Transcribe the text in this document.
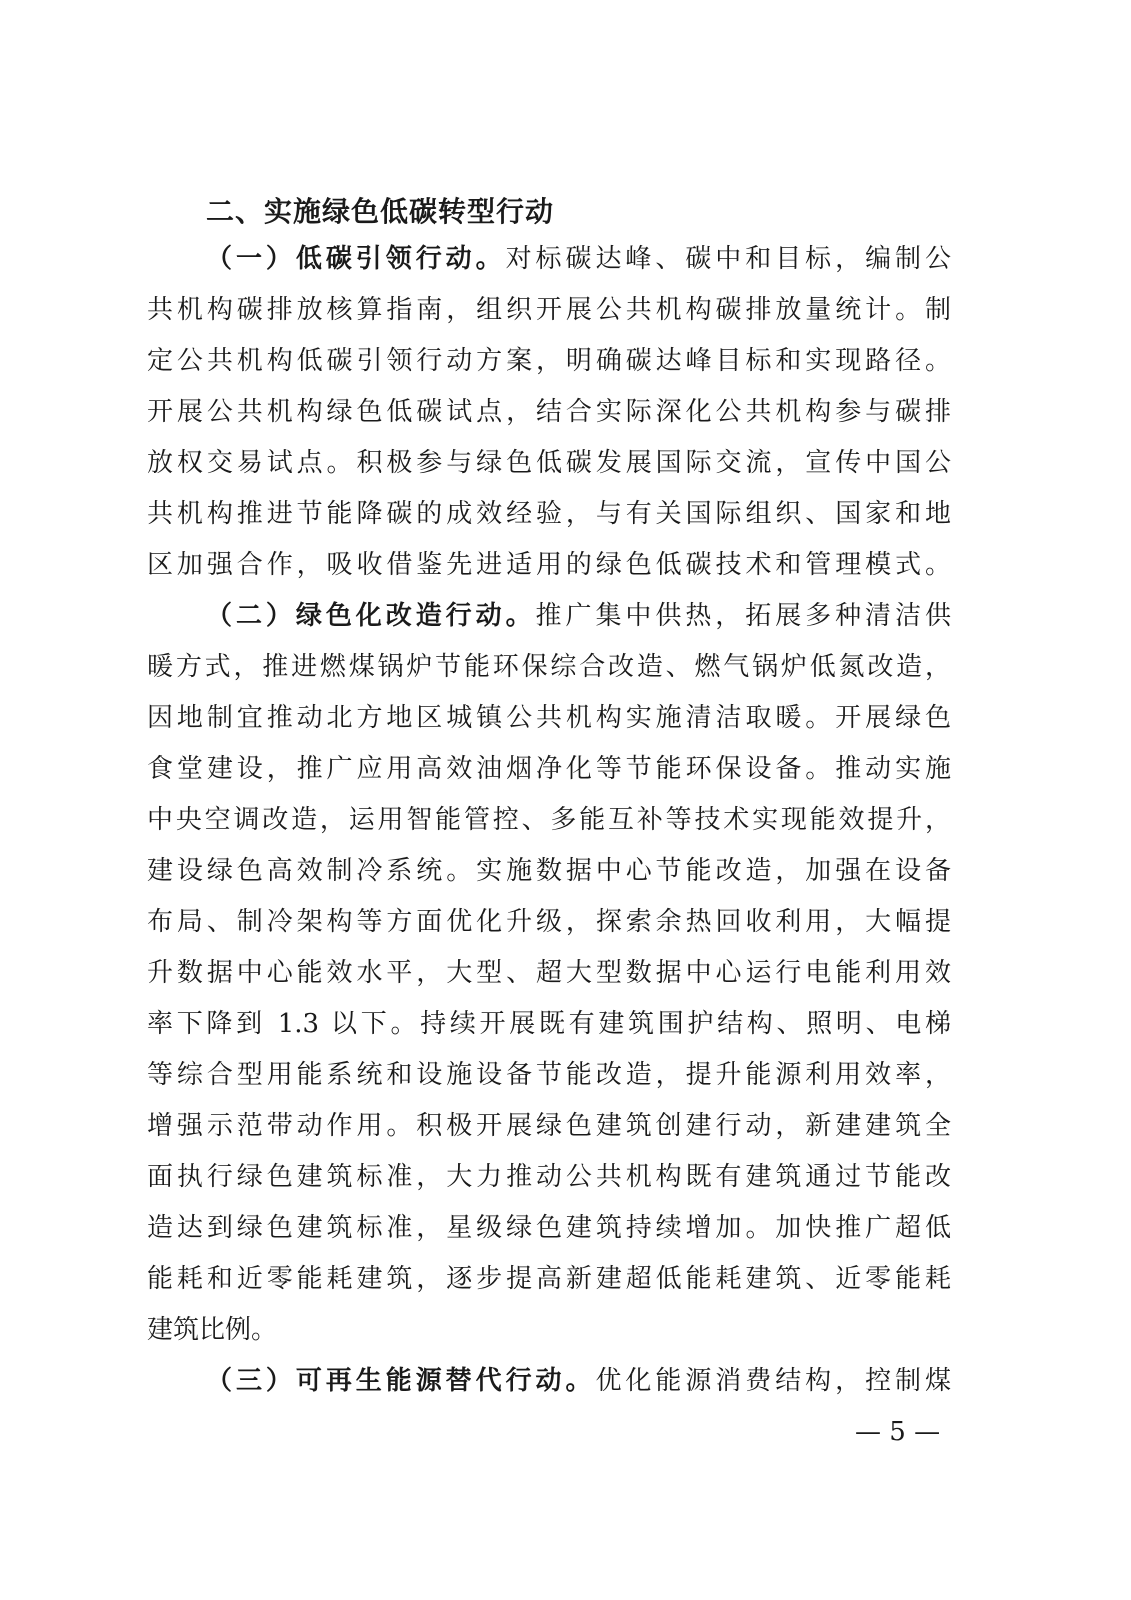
二、实施绿色低碳转型行动
（一）低碳引领行动。对标碳达峰、碳中和目标，编制公
共机构碳排放核算指南，组织开展公共机构碳排放量统计。制
定公共机构低碳引领行动方案，明确碳达峰目标和实现路径。
开展公共机构绿色低碳试点，结合实际深化公共机构参与碳排
放权交易试点。积极参与绿色低碳发展国际交流，宣传中国公
共机构推进节能降碳的成效经验，与有关国际组织、国家和地
区加强合作，吸收借鉴先进适用的绿色低碳技术和管理模式。
（二）绿色化改造行动。推广集中供热，拓展多种清洁供
暖方式，推进燃煤锅炉节能环保综合改造、燃气锅炉低氮改造，
因地制宜推动北方地区城镇公共机构实施清洁取暖。开展绿色
食堂建设，推广应用高效油烟净化等节能环保设备。推动实施
中央空调改造，运用智能管控、多能互补等技术实现能效提升，
建设绿色高效制冷系统。实施数据中心节能改造，加强在设备
布局、制冷架构等方面优化升级，探索余热回收利用，大幅提
升数据中心能效水平，大型、超大型数据中心运行电能利用效
率下降到 1.3 以下。持续开展既有建筑围护结构、照明、电梯
等综合型用能系统和设施设备节能改造，提升能源利用效率，
增强示范带动作用。积极开展绿色建筑创建行动，新建建筑全
面执行绿色建筑标准，大力推动公共机构既有建筑通过节能改
造达到绿色建筑标准，星级绿色建筑持续增加。加快推广超低
能耗和近零能耗建筑，逐步提高新建超低能耗建筑、近零能耗
建筑比例。
（三）可再生能源替代行动。优化能源消费结构，控制煤
— 5 —
